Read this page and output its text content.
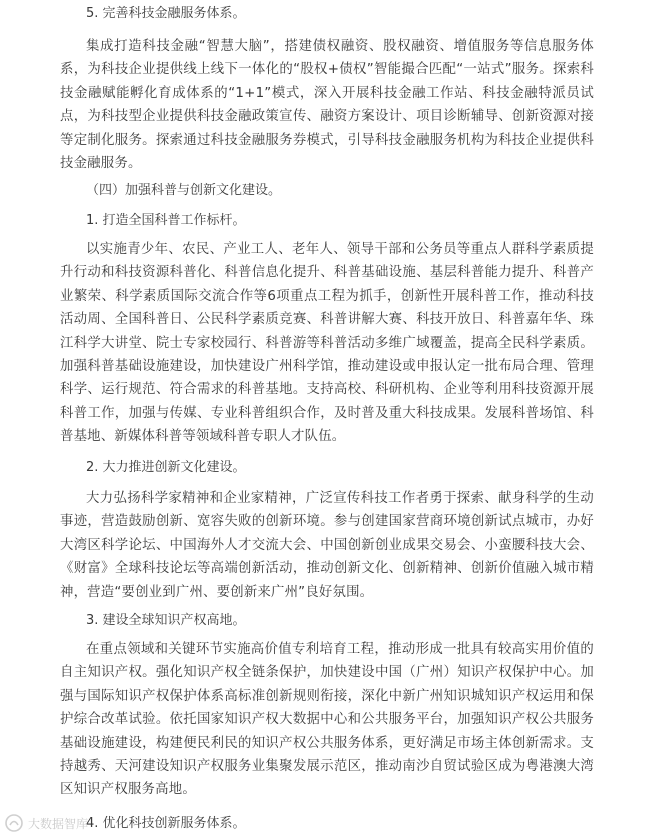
5. 完善科技金融服务体系。

集成打造科技金融“智慧大脑”，搭建债权融资、股权融资、增值服务等信息服务体系，为科技企业提供线上线下一体化的“股权+债权”智能撮合匹配“一站式”服务。探索科技金融赋能孵化育成体系的“1+1”模式，深入开展科技金融工作站、科技金融特派员试点，为科技型企业提供科技金融政策宣传、融资方案设计、项目诊断辅导、创新资源对接等定制化服务。探索通过科技金融服务券模式，引导科技金融服务机构为科技企业提供科技金融服务。

（四）加强科普与创新文化建设。
1. 打造全国科普工作标杆。

以实施青少年、农民、产业工人、老年人、领导干部和公务员等重点人群科学素质提升行动和科技资源科普化、科普信息化提升、科普基础设施、基层科普能力提升、科普产业繁荣、科学素质国际交流合作等6项重点工程为抓手，创新性开展科普工作，推动科技活动周、全国科普日、公民科学素质竞赛、科普讲解大赛、科技开放日、科普嘉年华、珠江科学大讲堂、院士专家校园行、科普游等科普活动多维广域覆盖，提高全民科学素质。加强科普基础设施建设，加快建设广州科学馆，推动建设或申报认定一批布局合理、管理科学、运行规范、符合需求的科普基地。支持高校、科研机构、企业等利用科技资源开展科普工作，加强与传媒、专业科普组织合作，及时普及重大科技成果。发展科普场馆、科普基地、新媒体科普等领域科普专职人才队伍。

2. 大力推进创新文化建设。

大力弘扬科学家精神和企业家精神，广泛宣传科技工作者勇于探索、献身科学的生动事迹，营造鼓励创新、宽容失败的创新环境。参与创建国家营商环境创新试点城市，办好大湾区科学论坛、中国海外人才交流大会、中国创新创业成果交易会、小蛮腰科技大会、《财富》全球科技论坛等高端创新活动，推动创新文化、创新精神、创新价值融入城市精神，营造“要创业到广州、要创新来广州”良好氛围。

3. 建设全球知识产权高地。

在重点领域和关键环节实施高价值专利培育工程，推动形成一批具有较高实用价值的自主知识产权。强化知识产权全链条保护，加快建设中国（广州）知识产权保护中心。加强与国际知识产权保护体系高标准创新规则衔接，深化中新广州知识城知识产权运用和保护综合改革试验。依托国家知识产权大数据中心和公共服务平台，加强知识产权公共服务基础设施建设，构建便民利民的知识产权公共服务体系，更好满足市场主体创新需求。支持越秀、天河建设知识产权服务业集聚发展示范区，推动南沙自贸试验区成为粤港澳大湾区知识产权服务高地。

4. 优化科技创新服务体系。
大数据智库
